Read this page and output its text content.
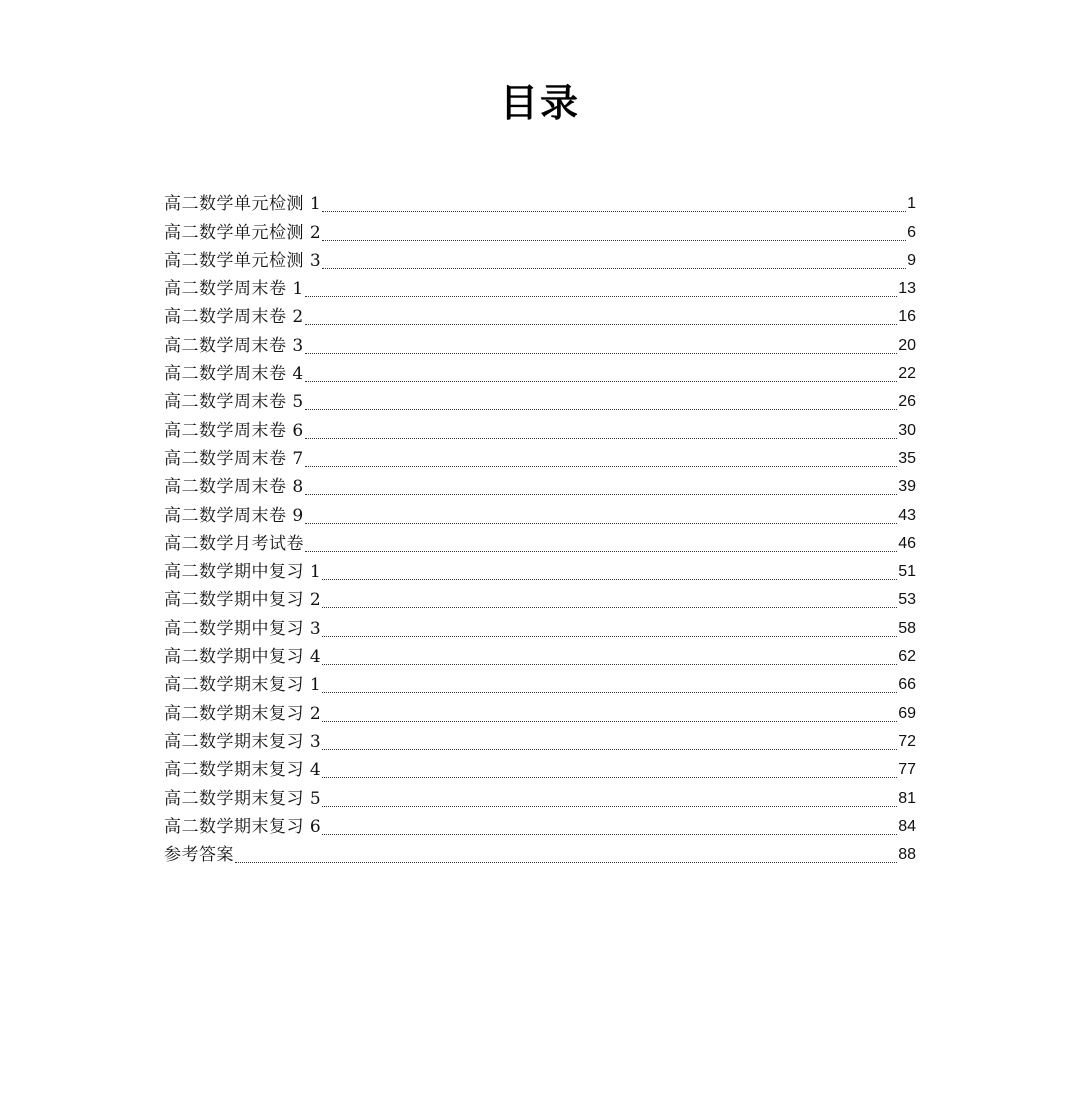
目录
高二数学单元检测 1	1
高二数学单元检测 2	6
高二数学单元检测 3	9
高二数学周末卷 1	13
高二数学周末卷 2	16
高二数学周末卷 3	20
高二数学周末卷 4	22
高二数学周末卷 5	26
高二数学周末卷 6	30
高二数学周末卷 7	35
高二数学周末卷 8	39
高二数学周末卷 9	43
高二数学月考试卷	46
高二数学期中复习 1	51
高二数学期中复习 2	53
高二数学期中复习 3	58
高二数学期中复习 4	62
高二数学期末复习 1	66
高二数学期末复习 2	69
高二数学期末复习 3	72
高二数学期末复习 4	77
高二数学期末复习 5	81
高二数学期末复习 6	84
参考答案	88
